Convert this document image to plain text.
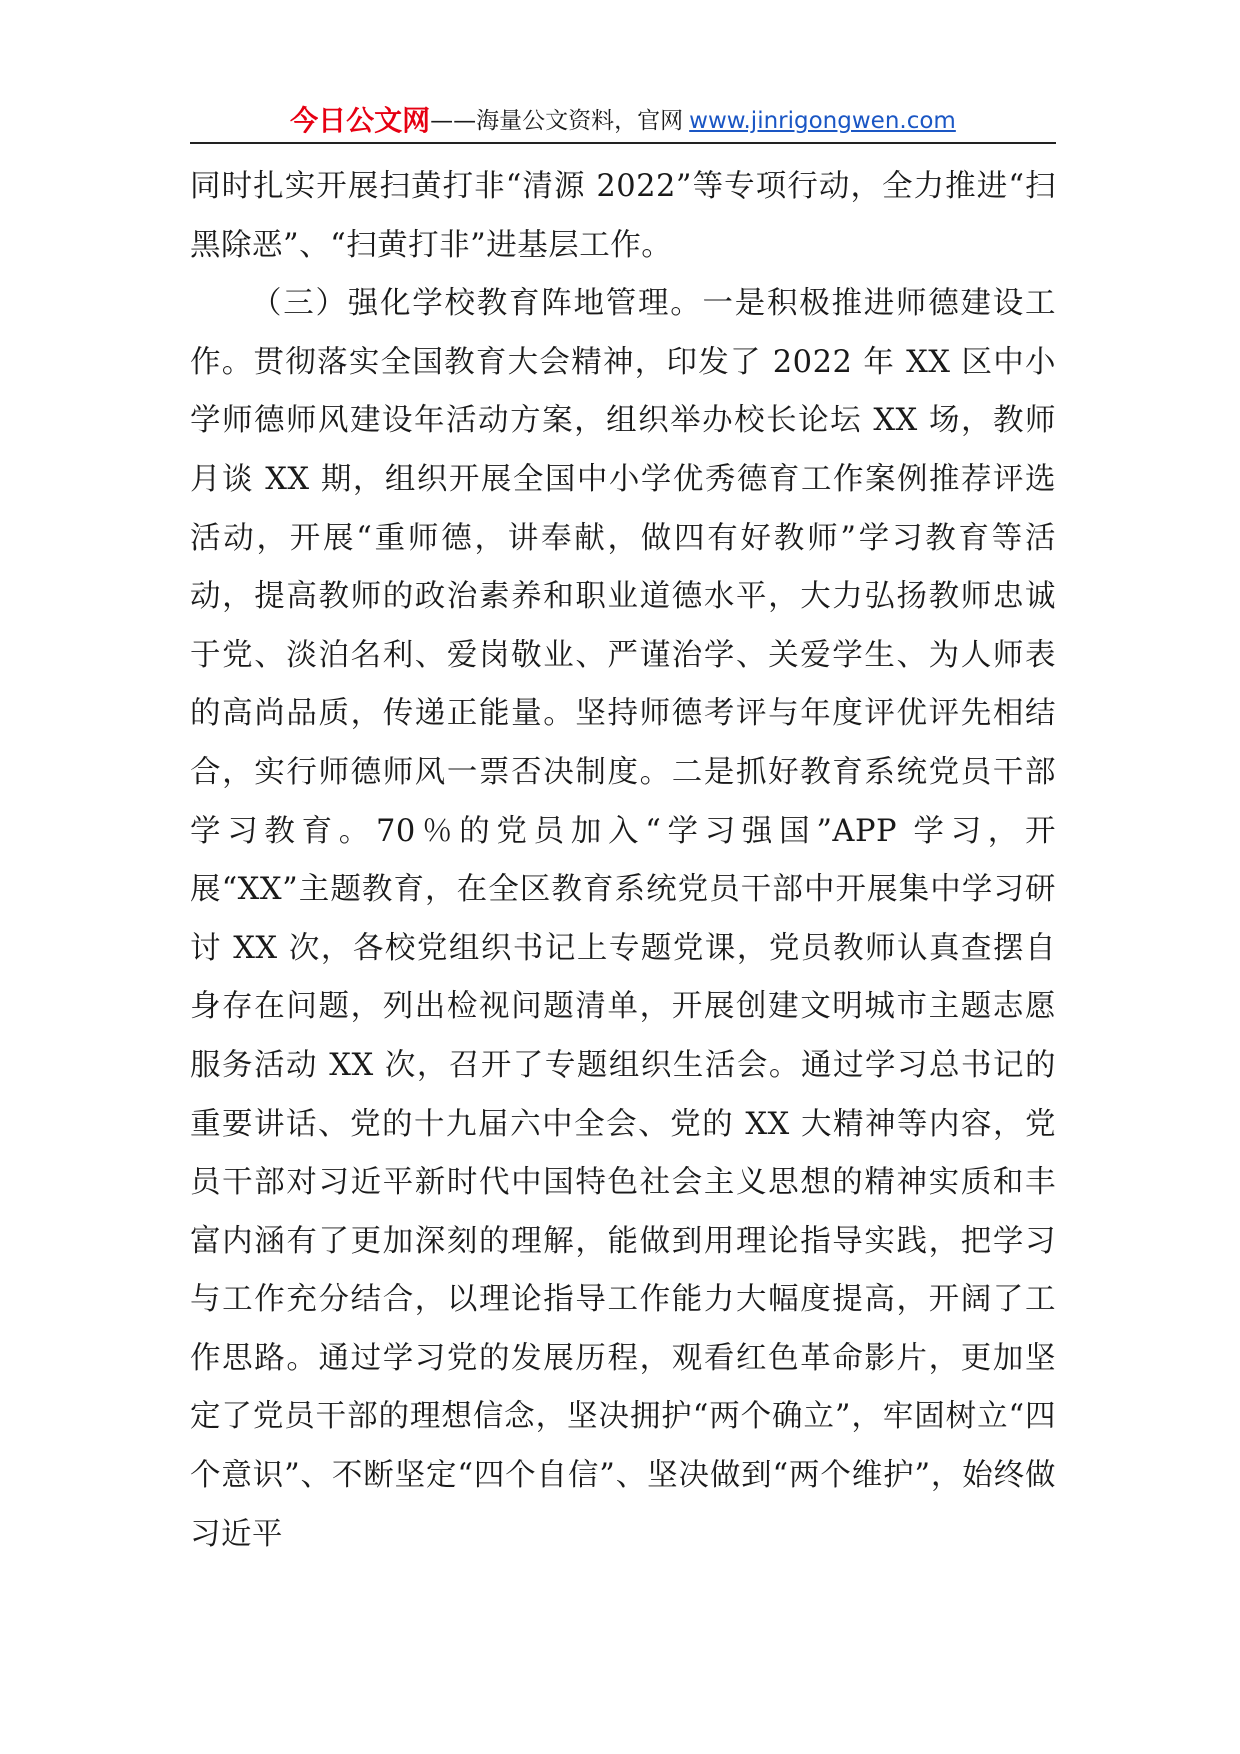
今日公文网 ——海量公文资料，官网 www.jinrigongwen.com

同时扎实开展扫黄打非“清源 2022”等专项行动，全力推进“扫黑除恶”、“扫黄打非”进基层工作。

（三）强化学校教育阵地管理。一是积极推进师德建设工作。贯彻落实全国教育大会精神，印发了 2022 年 XX 区中小学师德师风建设年活动方案，组织举办校长论坛 XX 场，教师月谈 XX 期，组织开展全国中小学优秀德育工作案例推荐评选活动，开展“重师德，讲奉献，做四有好教师”学习教育等活动，提高教师的政治素养和职业道德水平，大力弘扬教师忠诚于党、淡泊名利、爱岗敬业、严谨治学、关爱学生、为人师表的高尚品质，传递正能量。坚持师德考评与年度评优评先相结合，实行师德师风一票否决制度。二是抓好教育系统党员干部学习教育。70％的党员加入“学习强国”APP 学习，开展“XX”主题教育，在全区教育系统党员干部中开展集中学习研讨 XX 次，各校党组织书记上专题党课，党员教师认真查摆自身存在问题，列出检视问题清单，开展创建文明城市主题志愿服务活动 XX 次，召开了专题组织生活会。通过学习总书记的重要讲话、党的十九届六中全会、党的 XX 大精神等内容，党员干部对习近平新时代中国特色社会主义思想的精神实质和丰富内涵有了更加深刻的理解，能做到用理论指导实践，把学习与工作充分结合，以理论指导工作能力大幅度提高，开阔了工作思路。通过学习党的发展历程，观看红色革命影片，更加坚定了党员干部的理想信念，坚决拥护“两个确立”，牢固树立“四个意识”、不断坚定“四个自信”、坚决做到“两个维护”，始终做习近平
